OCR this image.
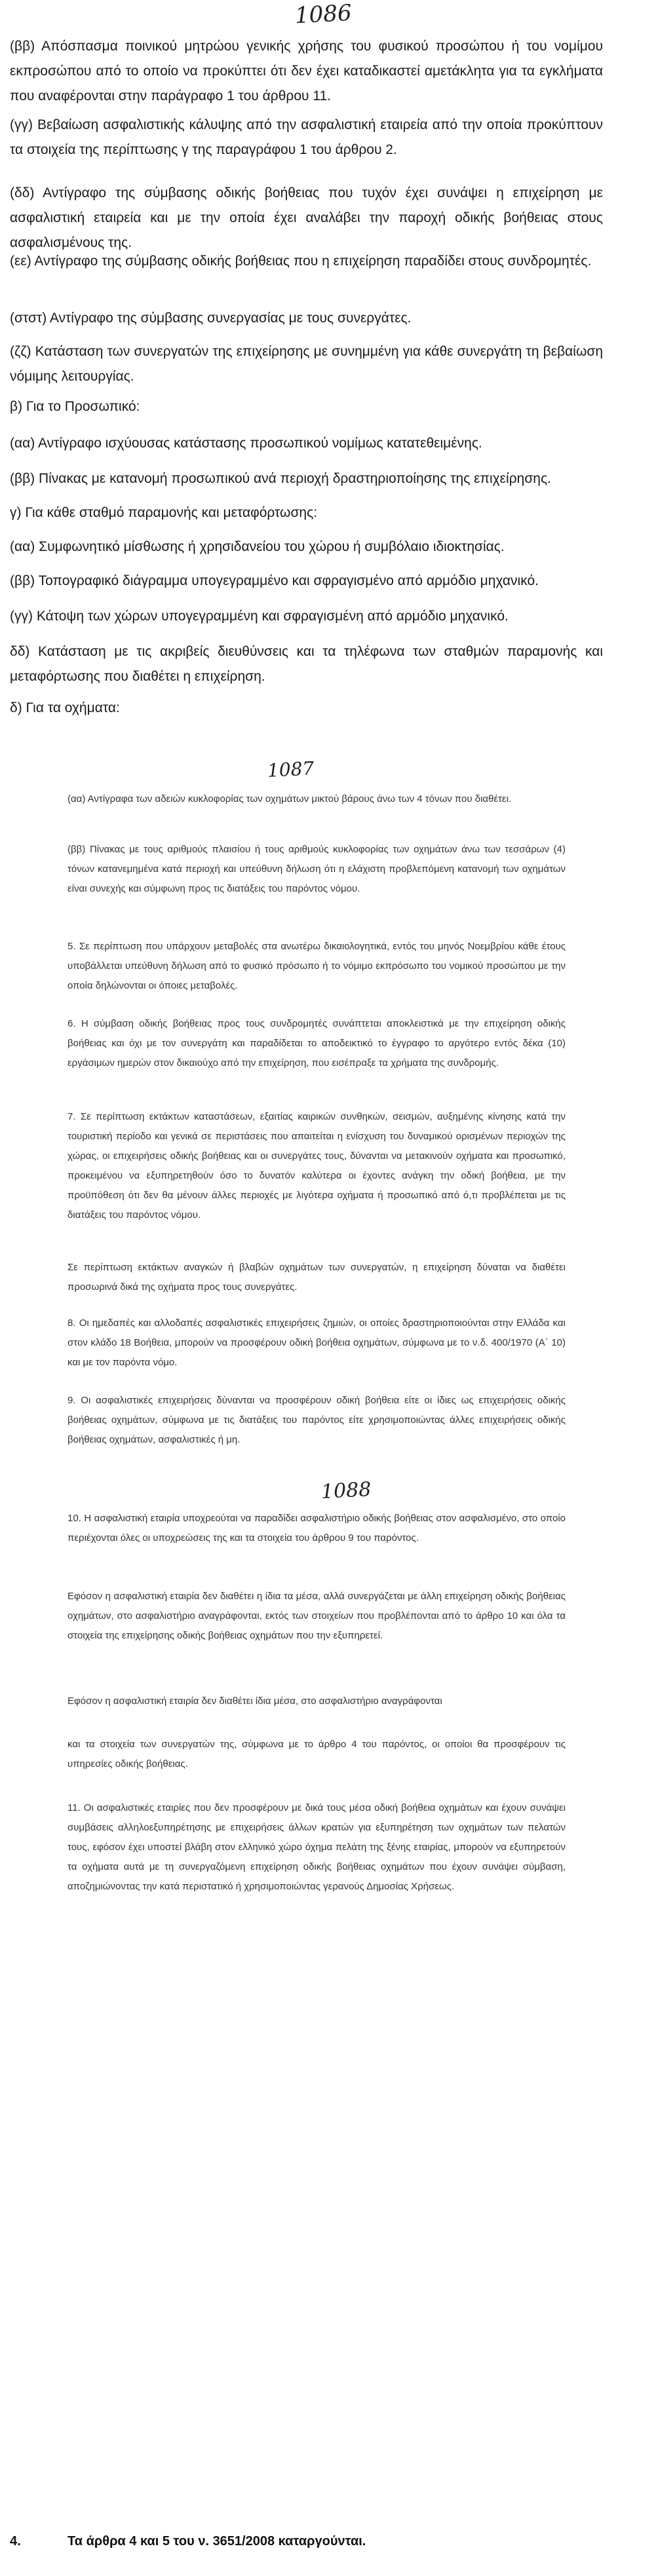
1086

(ββ) Απόσπασμα ποινικού μητρώου γενικής χρήσης του φυσικού προσώπου ή του νομίμου εκπροσώπου από το οποίο να προκύπτει ότι δεν έχει καταδικαστεί αμετάκλητα για τα εγκλήματα που αναφέρονται στην παράγραφο 1 του άρθρου 11.

(γγ) Βεβαίωση ασφαλιστικής κάλυψης από την ασφαλιστική εταιρεία από την οποία προκύπτουν τα στοιχεία της περίπτωσης γ της παραγράφου 1 του άρθρου 2.

(δδ) Αντίγραφο της σύμβασης οδικής βοήθειας που τυχόν έχει συνάψει η επιχείρηση με ασφαλιστική εταιρεία και με την οποία έχει αναλάβει την παροχή οδικής βοήθειας στους ασφαλισμένους της.

(εε) Αντίγραφο της σύμβασης οδικής βοήθειας που η επιχείρηση παραδίδει στους συνδρομητές.

(στστ) Αντίγραφο της σύμβασης συνεργασίας με τους συνεργάτες.

(ζζ) Κατάσταση των συνεργατών της επιχείρησης με συνημμένη για κάθε συνεργάτη τη βεβαίωση νόμιμης λειτουργίας.

β) Για το Προσωπικό:

(αα) Αντίγραφο ισχύουσας κατάστασης προσωπικού νομίμως κατατεθειμένης.

(ββ) Πίνακας με κατανομή προσωπικού ανά περιοχή δραστηριοποίησης της επιχείρησης.

γ) Για κάθε σταθμό παραμονής και μεταφόρτωσης:

(αα) Συμφωνητικό μίσθωσης ή χρησιδανείου του χώρου ή συμβόλαιο ιδιοκτησίας.

(ββ) Τοπογραφικό διάγραμμα υπογεγραμμένο και σφραγισμένο από αρμόδιο μηχανικό.

(γγ) Κάτοψη των χώρων υπογεγραμμένη και σφραγισμένη από αρμόδιο μηχανικό.

δδ) Κατάσταση με τις ακριβείς διευθύνσεις και τα τηλέφωνα των σταθμών παραμονής και μεταφόρτωσης που διαθέτει η επιχείρηση.

δ) Για τα οχήματα:

1087

(αα) Αντίγραφα των αδειών κυκλοφορίας των οχημάτων μικτού βάρους άνω των 4 τόνων που διαθέτει.

(ββ) Πίνακας με τους αριθμούς πλαισίου ή τους αριθμούς κυκλοφορίας των οχημάτων άνω των τεσσάρων (4) τόνων κατανεμημένα κατά περιοχή και υπεύθυνη δήλωση ότι η ελάχιστη προβλεπόμενη κατανομή των οχημάτων είναι συνεχής και σύμφωνη προς τις διατάξεις του παρόντος νόμου.

5. Σε περίπτωση που υπάρχουν μεταβολές στα ανωτέρω δικαιολογητικά, εντός του μηνός Νοεμβρίου κάθε έτους υποβάλλεται υπεύθυνη δήλωση από το φυσικό πρόσωπο ή το νόμιμο εκπρόσωπο του νομικού προσώπου με την οποία δηλώνονται οι όποιες μεταβολές.

6. Η σύμβαση οδικής βοήθειας προς τους συνδρομητές συνάπτεται αποκλειστικά με την επιχείρηση οδικής βοήθειας και όχι με τον συνεργάτη και παραδίδεται το αποδεικτικό το έγγραφο το αργότερο εντός δέκα (10) εργάσιμων ημερών στον δικαιούχο από την επιχείρηση, που εισέπραξε τα χρήματα της συνδρομής.

7. Σε περίπτωση εκτάκτων καταστάσεων, εξαιτίας καιρικών συνθηκών, σεισμών, αυξημένης κίνησης κατά την τουριστική περίοδο και γενικά σε περιστάσεις που απαιτείται η ενίσχυση του δυναμικού ορισμένων περιοχών της χώρας, οι επιχειρήσεις οδικής βοήθειας και οι συνεργάτες τους, δύνανται να μετακινούν οχήματα και προσωπικό, προκειμένου να εξυπηρετηθούν όσο το δυνατόν καλύτερα οι έχοντες ανάγκη την οδική βοήθεια, με την προϋπόθεση ότι δεν θα μένουν άλλες περιοχές με λιγότερα οχήματα ή προσωπικό από ό,τι προβλέπεται με τις διατάξεις του παρόντος νόμου.

Σε περίπτωση εκτάκτων αναγκών ή βλαβών οχημάτων των συνεργατών, η επιχείρηση δύναται να διαθέτει προσωρινά δικά της οχήματα προς τους συνεργάτες.

8. Οι ημεδαπές και αλλοδαπές ασφαλιστικές επιχειρήσεις ζημιών, οι οποίες δραστηριοποιούνται στην Ελλάδα και στον κλάδο 18 Βοήθεια, μπορούν να προσφέρουν οδική βοήθεια οχημάτων, σύμφωνα με το ν.δ. 400/1970 (Α΄ 10) και με τον παρόντα νόμο.

9. Οι ασφαλιστικές επιχειρήσεις δύνανται να προσφέρουν οδική βοήθεια είτε οι ίδιες ως επιχειρήσεις οδικής βοήθειας οχημάτων, σύμφωνα με τις διατάξεις του παρόντος είτε χρησιμοποιώντας άλλες επιχειρήσεις οδικής βοήθειας οχημάτων, ασφαλιστικές ή μη.

1088

10. Η ασφαλιστική εταιρία υποχρεούται να παραδίδει ασφαλιστήριο οδικής βοήθειας στον ασφαλισμένο, στο οποίο περιέχονται όλες οι υποχρεώσεις της και τα στοιχεία του άρθρου 9 του παρόντος.

Εφόσον η ασφαλιστική εταιρία δεν διαθέτει η ίδια τα μέσα, αλλά συνεργάζεται με άλλη επιχείρηση οδικής βοήθειας οχημάτων, στο ασφαλιστήριο αναγράφονται, εκτός των στοιχείων που προβλέπονται από το άρθρο 10 και όλα τα στοιχεία της επιχείρησης οδικής βοήθειας οχημάτων που την εξυπηρετεί.

Εφόσον η ασφαλιστική εταιρία δεν διαθέτει ίδια μέσα, στο ασφαλιστήριο αναγράφονται

και τα στοιχεία των συνεργατών της, σύμφωνα με το άρθρο 4 του παρόντος, οι οποίοι θα προσφέρουν τις υπηρεσίες οδικής βοήθειας.

11. Οι ασφαλιστικές εταιρίες που δεν προσφέρουν με δικά τους μέσα οδική βοήθεια οχημάτων και έχουν συνάψει συμβάσεις αλληλοεξυπηρέτησης με επιχειρήσεις άλλων κρατών για εξυπηρέτηση των οχημάτων των πελατών τους, εφόσον έχει υποστεί βλάβη στον ελληνικό χώρο όχημα πελάτη της ξένης εταιρίας, μπορούν να εξυπηρετούν τα οχήματα αυτά με τη συνεργαζόμενη επιχείρηση οδικής βοήθειας οχημάτων που έχουν συνάψει σύμβαση, αποζημιώνοντας την κατά περιστατικό ή χρησιμοποιώντας γερανούς Δημοσίας Χρήσεως.

4.	Τα άρθρα 4 και 5 του ν. 3651/2008 καταργούνται.
